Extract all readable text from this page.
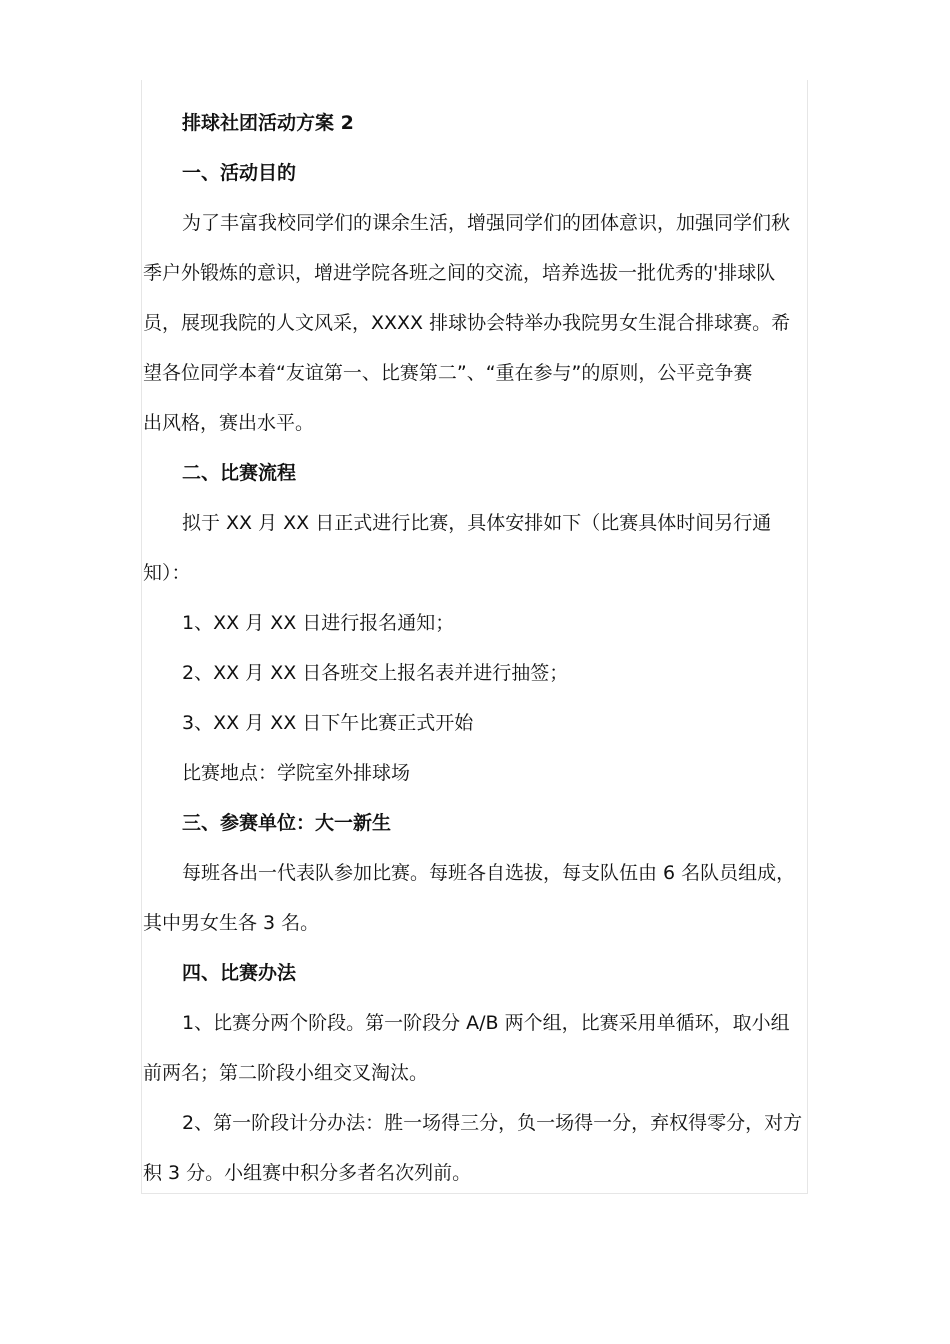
排球社团活动方案 2

一、活动目的

为了丰富我校同学们的课余生活，增强同学们的团体意识，加强同学们秋

季户外锻炼的意识，增进学院各班之间的交流，培养选拔一批优秀的'排球队

员，展现我院的人文风采，XXXX 排球协会特举办我院男女生混合排球赛。希

望各位同学本着“友谊第一、比赛第二”、“重在参与”的原则，公平竞争赛

出风格，赛出水平。

二、比赛流程

拟于 XX 月 XX 日正式进行比赛，具体安排如下（比赛具体时间另行通

知）：

1、XX 月 XX 日进行报名通知；

2、XX 月 XX 日各班交上报名表并进行抽签；

3、XX 月 XX 日下午比赛正式开始

比赛地点：学院室外排球场

三、参赛单位：大一新生

每班各出一代表队参加比赛。每班各自选拔，每支队伍由 6 名队员组成，

其中男女生各 3 名。

四、比赛办法

1、比赛分两个阶段。第一阶段分 A/B 两个组，比赛采用单循环，取小组

前两名；第二阶段小组交叉淘汰。

2、第一阶段计分办法：胜一场得三分，负一场得一分，弃权得零分，对方

积 3 分。小组赛中积分多者名次列前。
